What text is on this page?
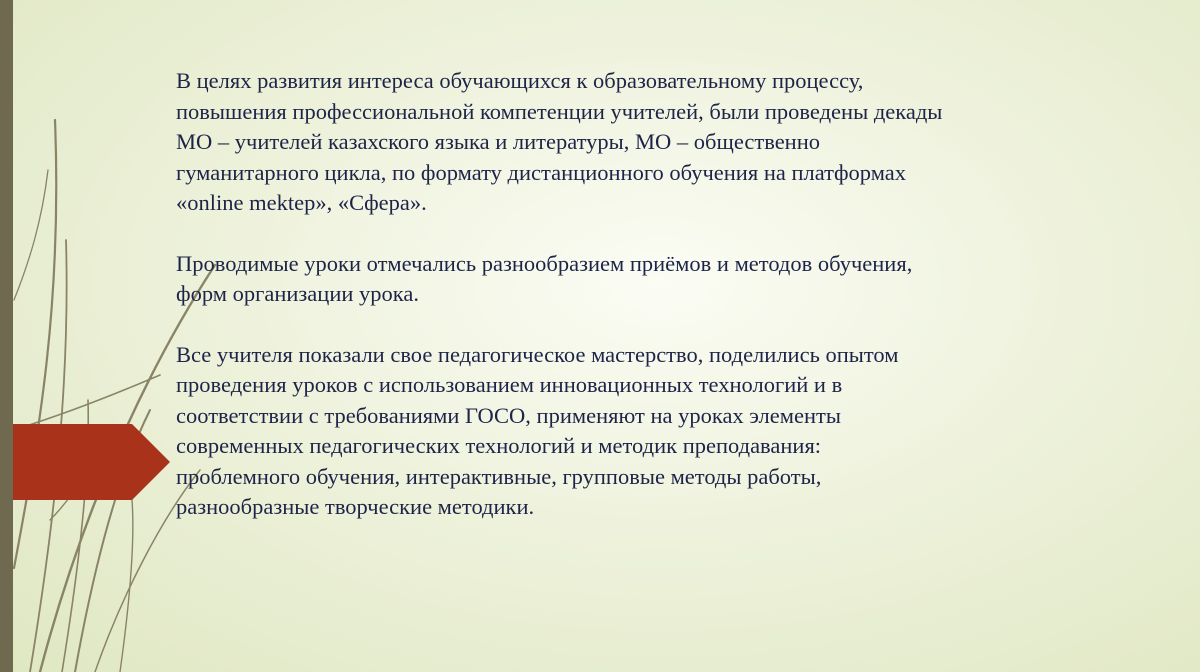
В целях развития интереса обучающихся к образовательному процессу,
повышения профессиональной компетенции учителей, были проведены декады
МО – учителей казахского языка и литературы, МО – общественно
гуманитарного цикла, по формату дистанционного обучения на платформах
«online mektep», «Сфера».

Проводимые уроки отмечались разнообразием приёмов и методов обучения,
форм организации урока.

Все учителя показали свое педагогическое мастерство, поделились опытом
проведения уроков с использованием инновационных технологий и в
соответствии с требованиями ГОСО, применяют на уроках элементы
современных педагогических технологий и методик преподавания:
проблемного обучения, интерактивные, групповые методы работы,
разнообразные творческие методики.
